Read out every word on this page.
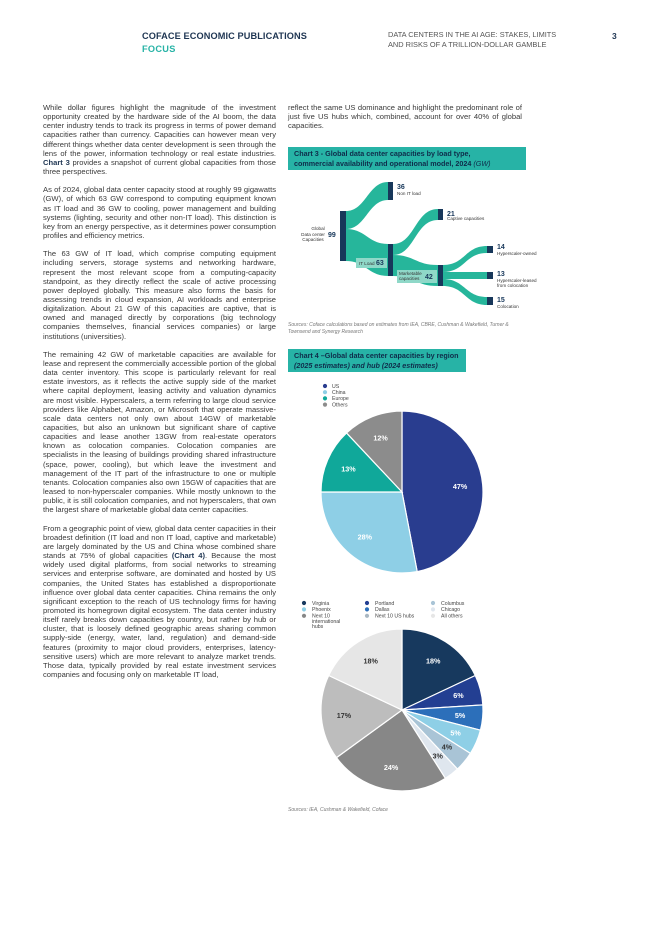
COFACE ECONOMIC PUBLICATIONS
FOCUS
DATA CENTERS IN THE AI AGE: STAKES, LIMITS
AND RISKS OF A TRILLION-DOLLAR GAMBLE
3

While dollar figures highlight the magnitude of the investment opportunity created by the hardware side of the AI boom, the data center industry tends to track its progress in terms of power demand capacities rather than currency. Capacities can however mean very different things whether data center development is seen through the lens of the power, information technology or real estate industries. Chart 3 provides a snapshot of current global capacities from those three perspectives.

As of 2024, global data center capacity stood at roughly 99 gigawatts (GW), of which 63 GW correspond to computing equipment known as IT load and 36 GW to cooling, power management and building systems (lighting, security and other non-IT load). This distinction is key from an energy perspective, as it determines power consumption profiles and efficiency metrics.

The 63 GW of IT load, which comprise computing equipment including servers, storage systems and networking hardware, represent the most relevant scope from a computing-capacity standpoint, as they directly reflect the scale of active processing power deployed globally. This measure also forms the basis for assessing trends in cloud expansion, AI workloads and enterprise digitalization. About 21 GW of this capacities are captive, that is owned and managed directly by corporations (big technology companies themselves, financial services companies) or large institutions (universities).

The remaining 42 GW of marketable capacities are available for lease and represent the commercially accessible portion of the global data center inventory. This scope is particularly relevant for real estate investors, as it reflects the active supply side of the market where capital deployment, leasing activity and valuation dynamics are most visible. Hyperscalers, a term referring to large cloud service providers like Alphabet, Amazon, or Microsoft that operate massive-scale data centers not only own about 14GW of marketable capacities, but also an unknown but significant share of captive capacities and lease another 13GW from real-estate operators known as colocation companies. Colocation companies are specialists in the leasing of buildings providing shared infrastructure (space, power, cooling), but which leave the investment and management of the IT part of the infrastructure to one or multiple tenants. Colocation companies also own 15GW of capacities that are leased to non-hyperscaler companies. While mostly unknown to the public, it is still colocation companies, and not hyperscalers, that own the largest share of marketable global data center capacities.

From a geographic point of view, global data center capacities in their broadest definition (IT load and non IT load, captive and marketable) are largely dominated by the US and China whose combined share stands at 75% of global capacities (Chart 4). Because the most widely used digital platforms, from social networks to streaming services and enterprise software, are dominated and hosted by US companies, the United States has established a disproportionate influence over global data center capacities. China remains the only significant exception to the reach of US technology firms for having promoted its homegrown digital ecosystem. The data center industry itself rarely breaks down capacities by country, but rather by hub or cluster, that is loosely defined geographic areas sharing common supply-side (energy, water, land, regulation) and demand-side features (proximity to major cloud providers, enterprises, latency-sensitive users) which are more relevant to analyze market trends. Those data, typically provided by real estate investment services companies and focusing only on marketable IT load,

reflect the same US dominance and highlight the predominant role of just five US hubs which, combined, account for over 40% of global capacities.
Chart 3 - Global data center capacities by load type,
commercial availability and operational model, 2024 (GW)
Global
Data center
Capacities
99
36
Non IT load
IT Load 63
21
Captive capacities
Marketable
capacities 42
14
Hyperscaler-owned
13
Hyperscaler-leased
from colocation
15
Colocation
Sources: Coface calculations based on estimates from IEA, CBRE, Cushman & Wakefield, Turner & Townsend and Synergy Research
Chart 4 –Global data center capacities by region
(2025 estimates) and hub (2024 estimates)
US
China
Europe
Others
47%
28%
13%
12%
Virginia	Portland	Columbus
Phoenix	Dallas	Chicago
Next 10 international hubs
Next 10 US hubs	All others
18%
6%
5%
5%
4%
3%
24%
17%
18%
Sources: IEA, Cushman & Wakefield, Coface
